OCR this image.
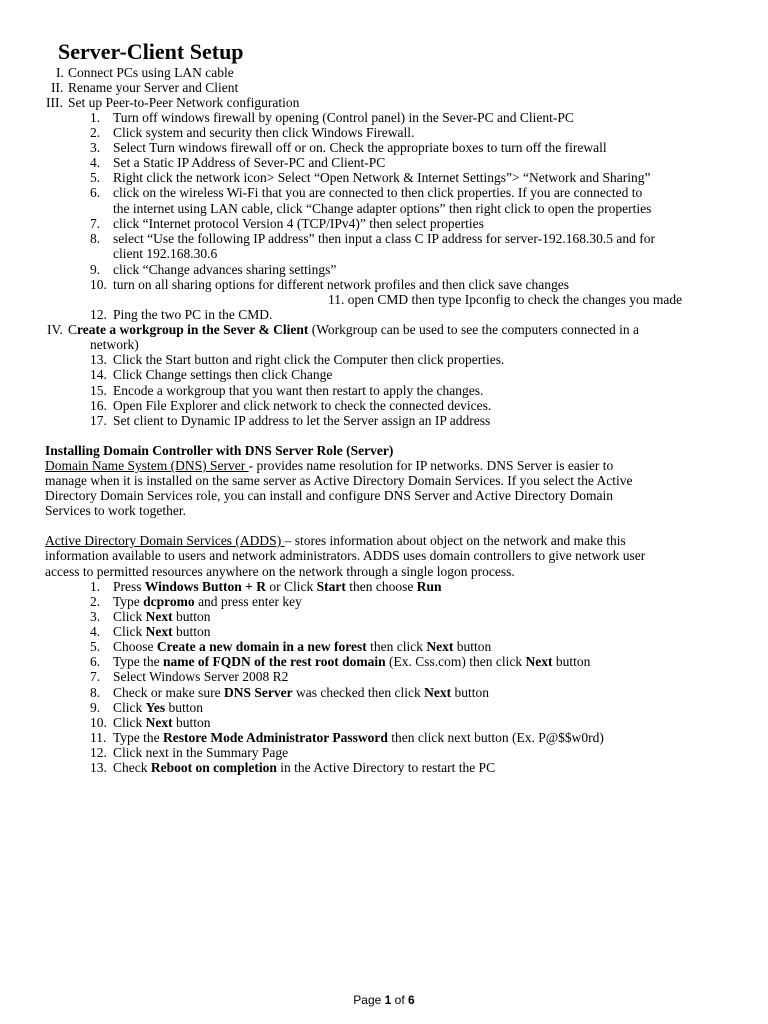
Server-Client Setup
I. Connect PCs using LAN cable
II. Rename your Server and Client
III. Set up Peer-to-Peer Network configuration
1. Turn off windows firewall by opening (Control panel) in the Sever-PC and Client-PC
2. Click system and security then click Windows Firewall.
3. Select Turn windows firewall off or on. Check the appropriate boxes to turn off the firewall
4. Set a Static IP Address of Sever-PC and Client-PC
5. Right click the network icon> Select “Open Network & Internet Settings”> “Network and Sharing”
6. click on the wireless Wi-Fi that you are connected to then click properties. If you are connected to
the internet using LAN cable, click “Change adapter options” then right click to open the properties
7. click “Internet protocol Version 4 (TCP/IPv4)” then select properties
8. select “Use the following IP address” then input a class C IP address for server-192.168.30.5 and for
client 192.168.30.6
9. click “Change advances sharing settings”
10. turn on all sharing options for different network profiles and then click save changes
11. open CMD then type Ipconfig to check the changes you made
12. Ping the two PC in the CMD.
IV. Create a workgroup in the Sever & Client (Workgroup can be used to see the computers connected in a
network)
13. Click the Start button and right click the Computer then click properties.
14. Click Change settings then click Change
15. Encode a workgroup that you want then restart to apply the changes.
16. Open File Explorer and click network to check the connected devices.
17. Set client to Dynamic IP address to let the Server assign an IP address
Installing Domain Controller with DNS Server Role (Server)
Domain Name System (DNS) Server - provides name resolution for IP networks. DNS Server is easier to
manage when it is installed on the same server as Active Directory Domain Services. If you select the Active
Directory Domain Services role, you can install and configure DNS Server and Active Directory Domain
Services to work together.
Active Directory Domain Services (ADDS) – stores information about object on the network and make this
information available to users and network administrators. ADDS uses domain controllers to give network user
access to permitted resources anywhere on the network through a single logon process.
1. Press Windows Button + R or Click Start then choose Run
2. Type dcpromo and press enter key
3. Click Next button
4. Click Next button
5. Choose Create a new domain in a new forest then click Next button
6. Type the name of FQDN of the rest root domain (Ex. Css.com) then click Next button
7. Select Windows Server 2008 R2
8. Check or make sure DNS Server was checked then click Next button
9. Click Yes button
10. Click Next button
11. Type the Restore Mode Administrator Password then click next button (Ex. P@$$w0rd)
12. Click next in the Summary Page
13. Check Reboot on completion in the Active Directory to restart the PC
Page 1 of 6
